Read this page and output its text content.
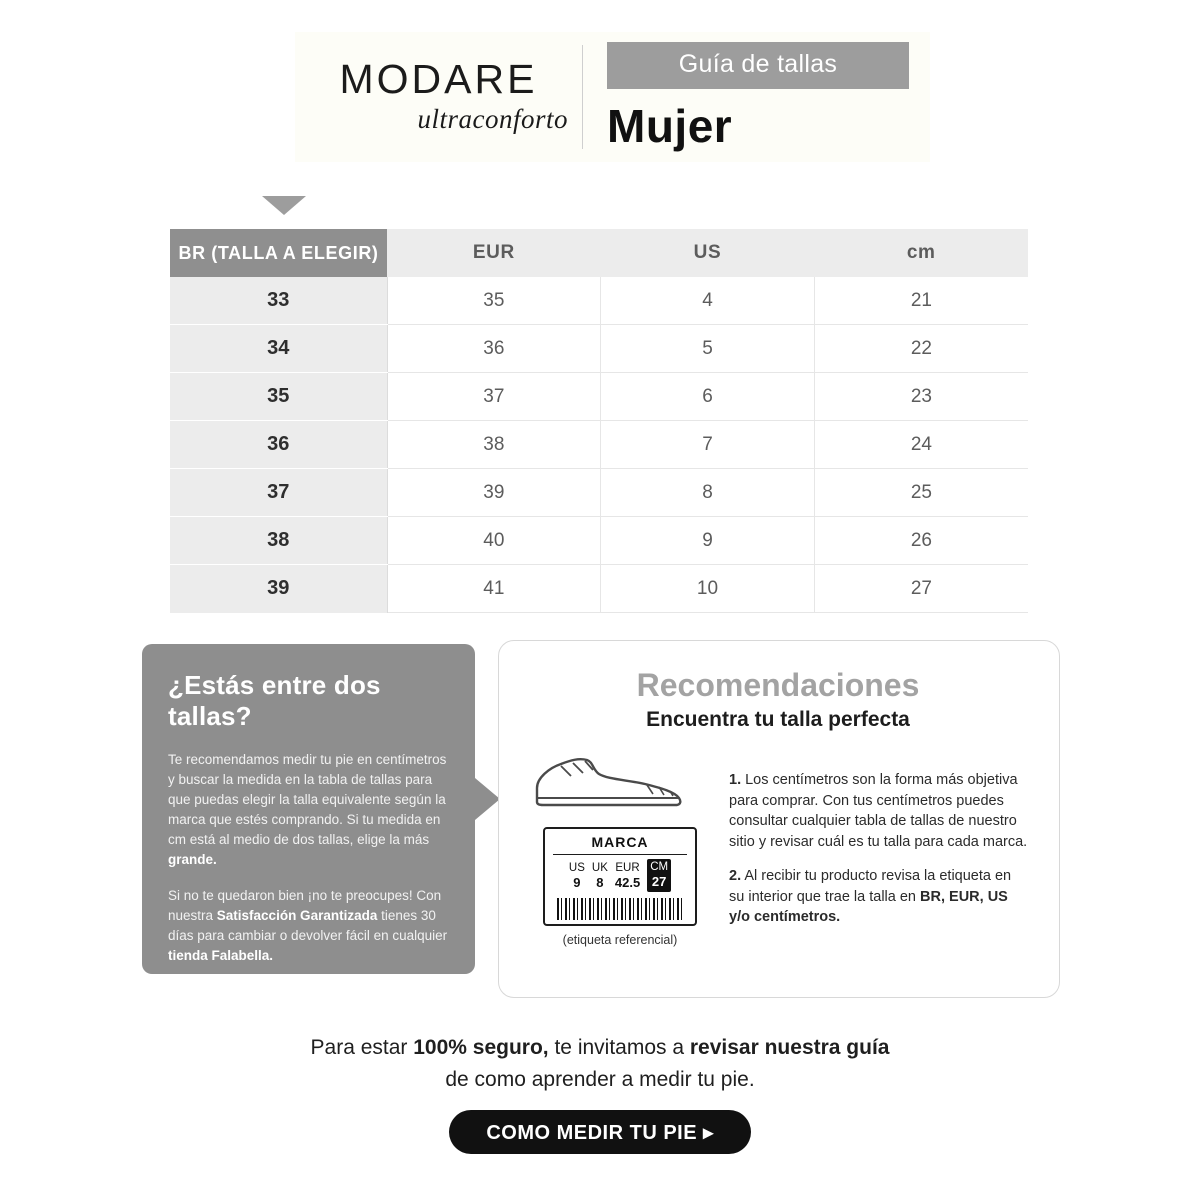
MODARE
ultraconforto
Guía de tallas
Mujer
BR (TALLA A ELEGIR)	EUR	US	cm
33	35	4	21
34	36	5	22
35	37	6	23
36	38	7	24
37	39	8	25
38	40	9	26
39	41	10	27
¿Estás entre dos tallas?

Te recomendamos medir tu pie en centímetros y buscar la medida en la tabla de tallas para que puedas elegir la talla equivalente según la marca que estés comprando. Si tu medida en cm está al medio de dos tallas, elige la más grande.

Si no te quedaron bien ¡no te preocupes! Con nuestra Satisfacción Garantizada tienes 30 días para cambiar o devolver fácil en cualquier tienda Falabella.

*Desde el 16.08.2022
Recomendaciones
Encuentra tu talla perfecta
MARCA
US
9
UK
8
EUR
42.5
CM
27
(etiqueta referencial)

1. Los centímetros son la forma más objetiva para comprar. Con tus centímetros puedes consultar cualquier tabla de tallas de nuestro sitio y revisar cuál es tu talla para cada marca.

2. Al recibir tu producto revisa la etiqueta en su interior que trae la talla en BR, EUR, US y/o centímetros.

Para estar 100% seguro, te invitamos a revisar nuestra guía
de como aprender a medir tu pie.
COMO MEDIR TU PIE ▸
